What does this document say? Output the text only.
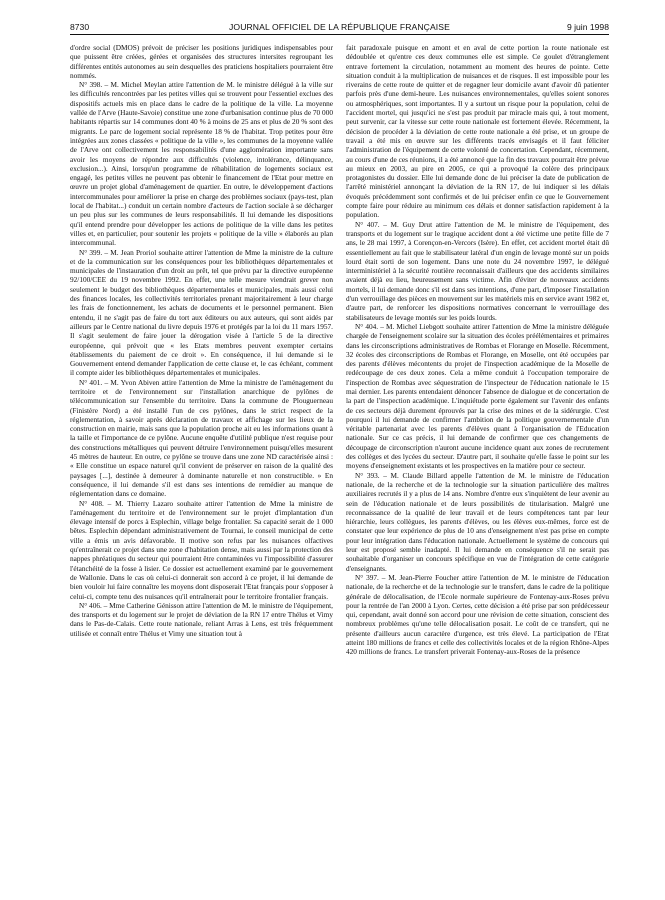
8730	JOURNAL OFFICIEL DE LA RÉPUBLIQUE FRANÇAISE	9 juin 1998

d'ordre social (DMOS) prévoit de préciser les positions juridiques indispensables pour que puissent être créées, gérées et organisées des structures intersites regroupant les différentes entités autonomes au sein desquelles des praticiens hospitaliers pourraient être nommés.

N° 398. – M. Michel Meylan attire l'attention de M. le ministre délégué à la ville sur les difficultés rencontrées par les petites villes qui se trouvent pour l'essentiel exclues des dispositifs actuels mis en place dans le cadre de la politique de la ville. La moyenne vallée de l'Arve (Haute-Savoie) constitue une zone d'urbanisation continue plus de 70 000 habitants répartis sur 14 communes dont 40 % à moins de 25 ans et plus de 20 % sont des migrants. Le parc de logement social représente 18 % de l'habitat. Trop petites pour être intégrées aux zones classées « politique de la ville », les communes de la moyenne vallée de l'Arve ont collectivement les responsabilités d'une agglomération importante sans avoir les moyens de répondre aux difficultés (violence, intolérance, délinquance, exclusion...). Ainsi, lorsqu'un programme de réhabilitation de logements sociaux est engagé, les petites villes ne peuvent pas obtenir le financement de l'Etat pour mettre en œuvre un projet global d'aménagement de quartier. En outre, le développement d'actions intercommunales pour améliorer la prise en charge des problèmes sociaux (pays-test, plan local de l'habitat...) conduit un certain nombre d'acteurs de l'action sociale à se décharger un peu plus sur les communes de leurs responsabilités. Il lui demande les dispositions qu'il entend prendre pour développer les actions de politique de la ville dans les petites villes et, en particulier, pour soutenir les projets « politique de la ville » élaborés au plan intercommunal.

N° 399. – M. Jean Proriol souhaite attirer l'attention de Mme la ministre de la culture et de la communication sur les conséquences pour les bibliothèques départementales et municipales de l'instauration d'un droit au prêt, tel que prévu par la directive européenne 92/100/CEE du 19 novembre 1992. En effet, une telle mesure viendrait grever non seulement le budget des bibliothèques départementales et municipales, mais aussi celui des finances locales, les collectivités territoriales prenant majoritairement à leur charge les frais de fonctionnement, les achats de documents et le personnel permanent. Bien entendu, il ne s'agit pas de faire du tort aux éditeurs ou aux auteurs, qui sont aidés par ailleurs par le Centre national du livre depuis 1976 et protégés par la loi du 11 mars 1957. Il s'agit seulement de faire jouer la dérogation visée à l'article 5 de la directive européenne, qui prévoit que « les Etats membres peuvent exempter certains établissements du paiement de ce droit ». En conséquence, il lui demande si le Gouvernement entend demander l'application de cette clause et, le cas échéant, comment il compte aider les bibliothèques départementales et municipales.

N° 401. – M. Yvon Abiven attire l'attention de Mme la ministre de l'aménagement du territoire et de l'environnement sur l'installation anarchique de pylônes de télécommunication sur l'ensemble du territoire. Dans la commune de Plouguerneau (Finistère Nord) a été installé l'un de ces pylônes, dans le strict respect de la réglementation, à savoir après déclaration de travaux et affichage sur les lieux de la construction en mairie, mais sans que la population proche ait eu les informations quant à la taille et l'importance de ce pylône. Aucune enquête d'utilité publique n'est requise pour des constructions métalliques qui peuvent détruire l'environnement puisqu'elles mesurent 45 mètres de hauteur. En outre, ce pylône se trouve dans une zone ND caractérisée ainsi : « Elle constitue un espace naturel qu'il convient de préserver en raison de la qualité des paysages [...], destinée à demeurer à dominante naturelle et non constructible. » En conséquence, il lui demande s'il est dans ses intentions de remédier au manque de réglementation dans ce domaine.

N° 408. – M. Thierry Lazaro souhaite attirer l'attention de Mme la ministre de l'aménagement du territoire et de l'environnement sur le projet d'implantation d'un élevage intensif de porcs à Esplechin, village belge frontalier. Sa capacité serait de 1 000 bêtes. Esplechin dépendant administrativement de Tournai, le conseil municipal de cette ville a émis un avis défavorable. Il motive son refus par les nuisances olfactives qu'entraînerait ce projet dans une zone d'habitation dense, mais aussi par la protection des nappes phréatiques du secteur qui pourraient être contaminées vu l'impossibilité d'assurer l'étanchéité de la fosse à lisier. Ce dossier est actuellement examiné par le gouvernement de Wallonie. Dans le cas où celui-ci donnerait son accord à ce projet, il lui demande de bien vouloir lui faire connaître les moyens dont disposerait l'Etat français pour s'opposer à celui-ci, compte tenu des nuisances qu'il entraînerait pour le territoire frontalier français.

N° 406. – Mme Catherine Génisson attire l'attention de M. le ministre de l'équipement, des transports et du logement sur le projet de déviation de la RN 17 entre Thélus et Vimy dans le Pas-de-Calais. Cette route nationale, reliant Arras à Lens, est très fréquemment utilisée et connaît entre Thélus et Vimy une situation tout à

fait paradoxale puisque en amont et en aval de cette portion la route nationale est dédoublée et qu'entre ces deux communes elle est simple. Ce goulet d'étranglement entrave fortement la circulation, notamment au moment des heures de pointe. Cette situation conduit à la multiplication de nuisances et de risques. Il est impossible pour les riverains de cette route de quitter et de regagner leur domicile avant d'avoir dû patienter parfois près d'une demi-heure. Les nuisances environnementales, qu'elles soient sonores ou atmosphériques, sont importantes. Il y a surtout un risque pour la population, celui de l'accident mortel, qui jusqu'ici ne s'est pas produit par miracle mais qui, à tout moment, peut survenir, car la vitesse sur cette route nationale est fortement élevée. Récemment, la décision de procéder à la déviation de cette route nationale a été prise, et un groupe de travail a été mis en œuvre sur les différents tracés envisagés et il faut féliciter l'administration de l'équipement de cette volonté de concertation. Cependant, récemment, au cours d'une de ces réunions, il a été annoncé que la fin des travaux pourrait être prévue au mieux en 2003, au pire en 2005, ce qui a provoqué la colère des principaux protagonistes du dossier. Elle lui demande donc de lui préciser la date de publication de l'arrêté ministériel annonçant la déviation de la RN 17, de lui indiquer si les délais évoqués précédemment sont confirmés et de lui préciser enfin ce que le Gouvernement compte faire pour réduire au minimum ces délais et donner satisfaction rapidement à la population.

N° 407. – M. Guy Drut attire l'attention de M. le ministre de l'équipement, des transports et du logement sur le tragique accident dont a été victime une petite fille de 7 ans, le 28 mai 1997, à Corençon-en-Vercors (Isère). En effet, cet accident mortel était dû essentiellement au fait que le stabilisateur latéral d'un engin de levage monté sur un poids lourd était sorti de son logement. Dans une note du 24 novembre 1997, le délégué interministériel à la sécurité routière reconnaissait d'ailleurs que des accidents similaires avaient déjà eu lieu, heureusement sans victime. Afin d'éviter de nouveaux accidents mortels, il lui demande donc s'il est dans ses intentions, d'une part, d'imposer l'installation d'un verrouillage des pièces en mouvement sur les matériels mis en service avant 1982 et, d'autre part, de renforcer les dispositions normatives concernant le verrouillage des stabilisateurs de levage montés sur les poids lourds.

N° 404. – M. Michel Liebgott souhaite attirer l'attention de Mme la ministre déléguée chargée de l'enseignement scolaire sur la situation des écoles préélémentaires et primaires dans les circonscriptions administratives de Rombas et Florange en Moselle. Récemment, 32 écoles des circonscriptions de Rombas et Florange, en Moselle, ont été occupées par des parents d'élèves mécontents du projet de l'inspection académique de la Moselle de redécoupage de ces deux zones. Cela a même conduit à l'occupation temporaire de l'inspection de Rombas avec séquestration de l'inspecteur de l'éducation nationale le 15 mai dernier. Les parents entendaient dénoncer l'absence de dialogue et de concertation de la part de l'inspection académique. L'inquiétude porte également sur l'avenir des enfants de ces secteurs déjà durement éprouvés par la crise des mines et de la sidérurgie. C'est pourquoi il lui demande de confirmer l'ambition de la politique gouvernementale d'un véritable partenariat avec les parents d'élèves quant à l'organisation de l'Education nationale. Sur ce cas précis, il lui demande de confirmer que ces changements de découpage de circonscription n'auront aucune incidence quant aux zones de recrutement des collèges et des lycées du secteur. D'autre part, il souhaite qu'elle fasse le point sur les moyens d'enseignement existants et les prospectives en la matière pour ce secteur.

N° 393. – M. Claude Billard appelle l'attention de M. le ministre de l'éducation nationale, de la recherche et de la technologie sur la situation particulière des maîtres auxiliaires recrutés il y a plus de 14 ans. Nombre d'entre eux s'inquiètent de leur avenir au sein de l'éducation nationale et de leurs possibilités de titularisation. Malgré une reconnaissance de la qualité de leur travail et de leurs compétences tant par leur hiérarchie, leurs collègues, les parents d'élèves, ou les élèves eux-mêmes, force est de constater que leur expérience de plus de 10 ans d'enseignement n'est pas prise en compte pour leur intégration dans l'éducation nationale. Actuellement le système de concours qui leur est proposé semble inadapté. Il lui demande en conséquence s'il ne serait pas souhaitable d'organiser un concours spécifique en vue de l'intégration de cette catégorie d'enseignants.

N° 397. – M. Jean-Pierre Foucher attire l'attention de M. le ministre de l'éducation nationale, de la recherche et de la technologie sur le transfert, dans le cadre de la politique générale de délocalisation, de l'Ecole normale supérieure de Fontenay-aux-Roses prévu pour la rentrée de l'an 2000 à Lyon. Certes, cette décision a été prise par son prédécesseur qui, cependant, avait donné son accord pour une révision de cette situation, conscient des nombreux problèmes qu'une telle délocalisation posait. Le coût de ce transfert, qui ne présente d'ailleurs aucun caractère d'urgence, est très élevé. La participation de l'Etat atteint 180 millions de francs et celle des collectivités locales et de la région Rhône-Alpes 420 millions de francs. Le transfert priverait Fontenay-aux-Roses de la présence
